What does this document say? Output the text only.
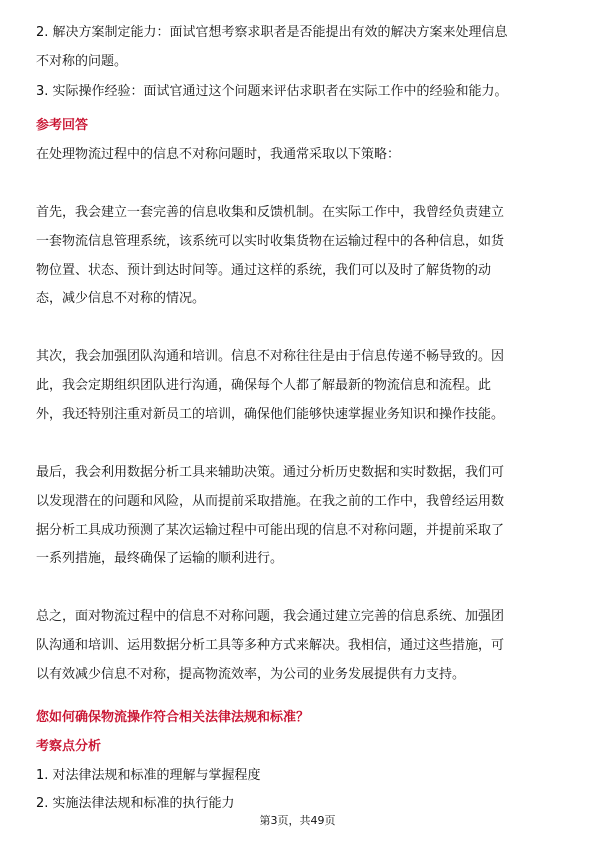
2. 解决方案制定能力：面试官想考察求职者是否能提出有效的解决方案来处理信息
不对称的问题。
3. 实际操作经验：面试官通过这个问题来评估求职者在实际工作中的经验和能力。
参考回答
在处理物流过程中的信息不对称问题时，我通常采取以下策略：
首先，我会建立一套完善的信息收集和反馈机制。在实际工作中，我曾经负责建立
一套物流信息管理系统，该系统可以实时收集货物在运输过程中的各种信息，如货
物位置、状态、预计到达时间等。通过这样的系统，我们可以及时了解货物的动
态，减少信息不对称的情况。
其次，我会加强团队沟通和培训。信息不对称往往是由于信息传递不畅导致的。因
此，我会定期组织团队进行沟通，确保每个人都了解最新的物流信息和流程。此
外，我还特别注重对新员工的培训，确保他们能够快速掌握业务知识和操作技能。
最后，我会利用数据分析工具来辅助决策。通过分析历史数据和实时数据，我们可
以发现潜在的问题和风险，从而提前采取措施。在我之前的工作中，我曾经运用数
据分析工具成功预测了某次运输过程中可能出现的信息不对称问题，并提前采取了
一系列措施，最终确保了运输的顺利进行。
总之，面对物流过程中的信息不对称问题，我会通过建立完善的信息系统、加强团
队沟通和培训、运用数据分析工具等多种方式来解决。我相信，通过这些措施，可
以有效减少信息不对称，提高物流效率，为公司的业务发展提供有力支持。
您如何确保物流操作符合相关法律法规和标准？
考察点分析
1. 对法律法规和标准的理解与掌握程度
2. 实施法律法规和标准的执行能力
第3页，共49页
